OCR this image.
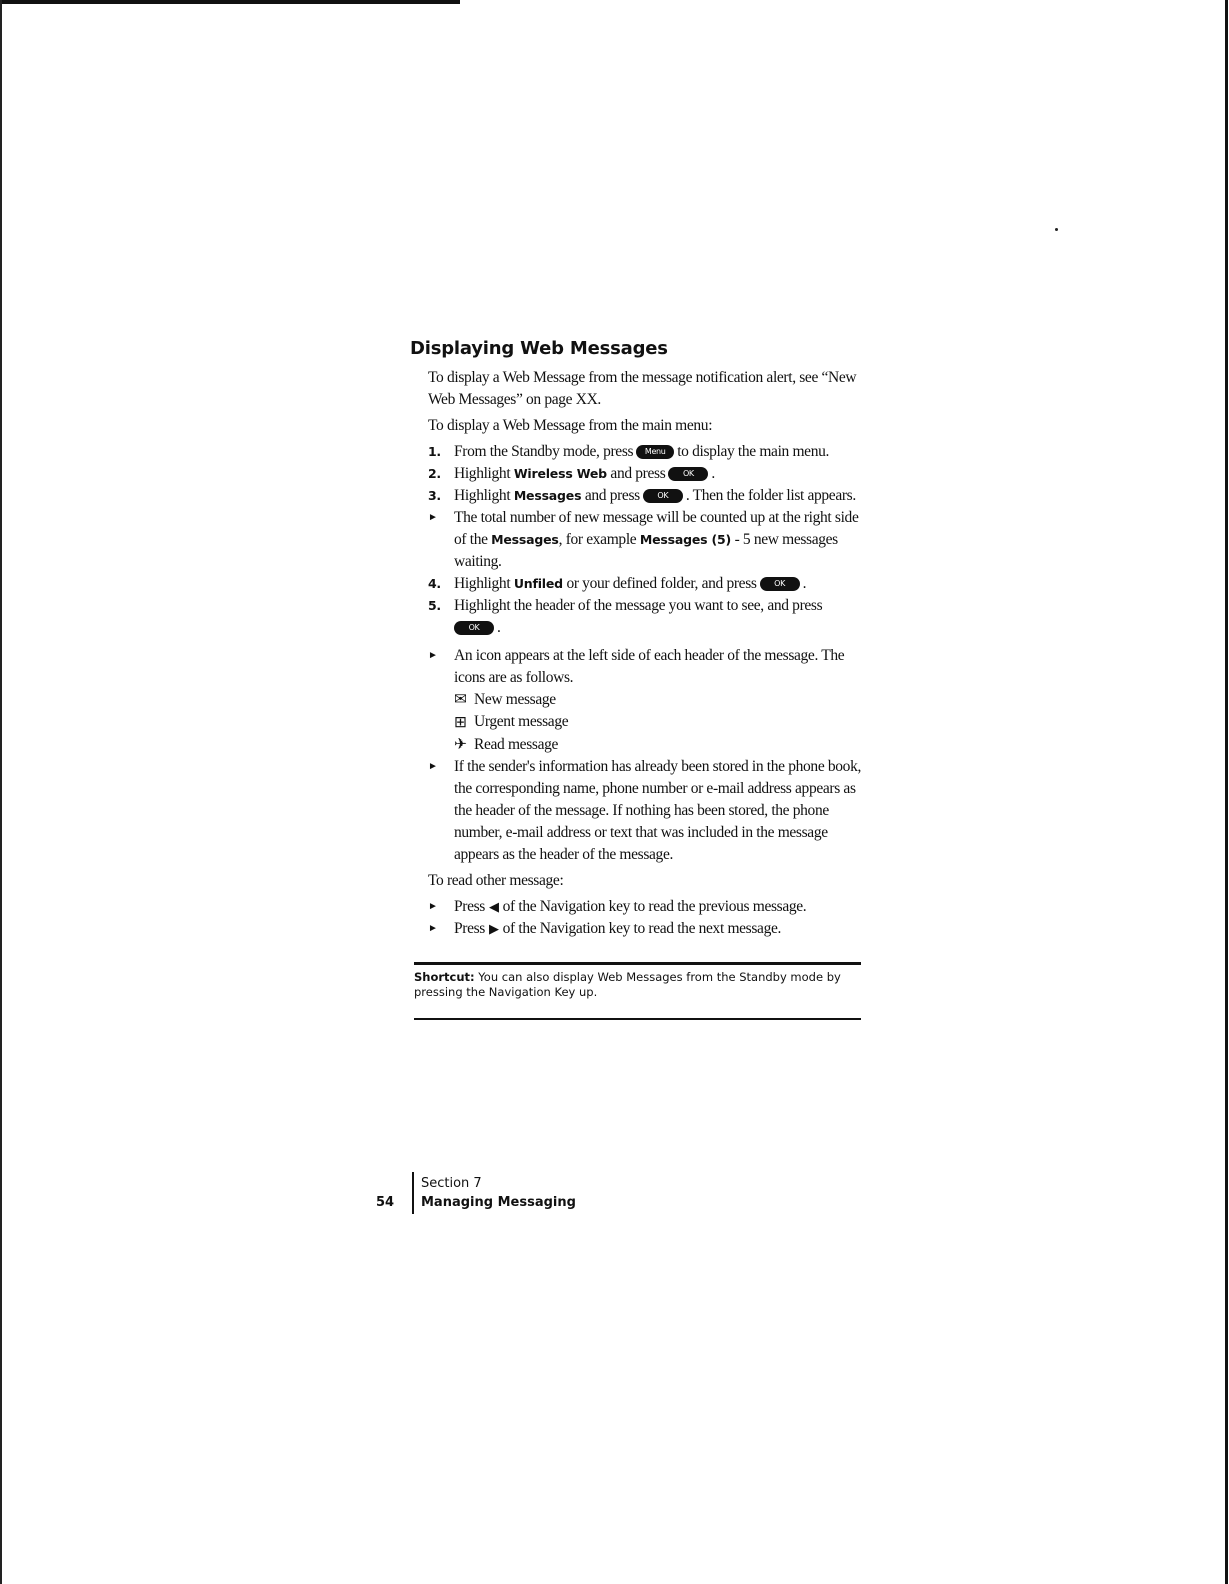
Displaying Web Messages

To display a Web Message from the message notification alert, see “New Web Messages” on page XX.

To display a Web Message from the main menu:

1. From the Standby mode, press Menu to display the main menu.
2. Highlight Wireless Web and press OK .
3. Highlight Messages and press OK . Then the folder list appears.
► The total number of new message will be counted up at the right side of the Messages, for example Messages (5) - 5 new messages waiting.
4. Highlight Unfiled or your defined folder, and press OK .
5. Highlight the header of the message you want to see, and press
OK .
► An icon appears at the left side of each header of the message. The icons are as follows.
✉ New message
⊞ Urgent message
✈ Read message
► If the sender's information has already been stored in the phone book, the corresponding name, phone number or e-mail address appears as the header of the message. If nothing has been stored, the phone number, e-mail address or text that was included in the message appears as the header of the message.

To read other message:

► Press ◀ of the Navigation key to read the previous message.
► Press ▶ of the Navigation key to read the next message.
Shortcut: You can also display Web Messages from the Standby mode by pressing the Navigation Key up.
54
Section 7
Managing Messaging
